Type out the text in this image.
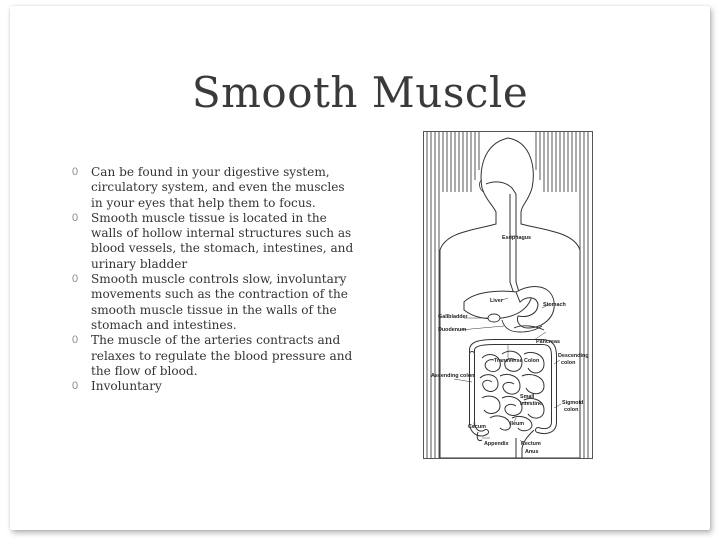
Smooth Muscle
0 Can be found in your digestive system, circulatory system, and even the muscles in your eyes that help them to focus.
0 Smooth muscle tissue is located in the walls of hollow internal structures such as blood vessels, the stomach, intestines, and urinary bladder
0 Smooth muscle controls slow, involuntary movements such as the contraction of the smooth muscle tissue in the walls of the stomach and intestines.
0 The muscle of the arteries contracts and relaxes to regulate the blood pressure and the flow of blood.
0 Involuntary
Esophagus
Liver
Stomach
Gallbladder
Duodenum
Pancreas
Transverse Colon
Descending
colon
Ascending colon
Small
intestine	Sigmoid
colon
Ileum
Cecum
Appendix Rectum
Anus
